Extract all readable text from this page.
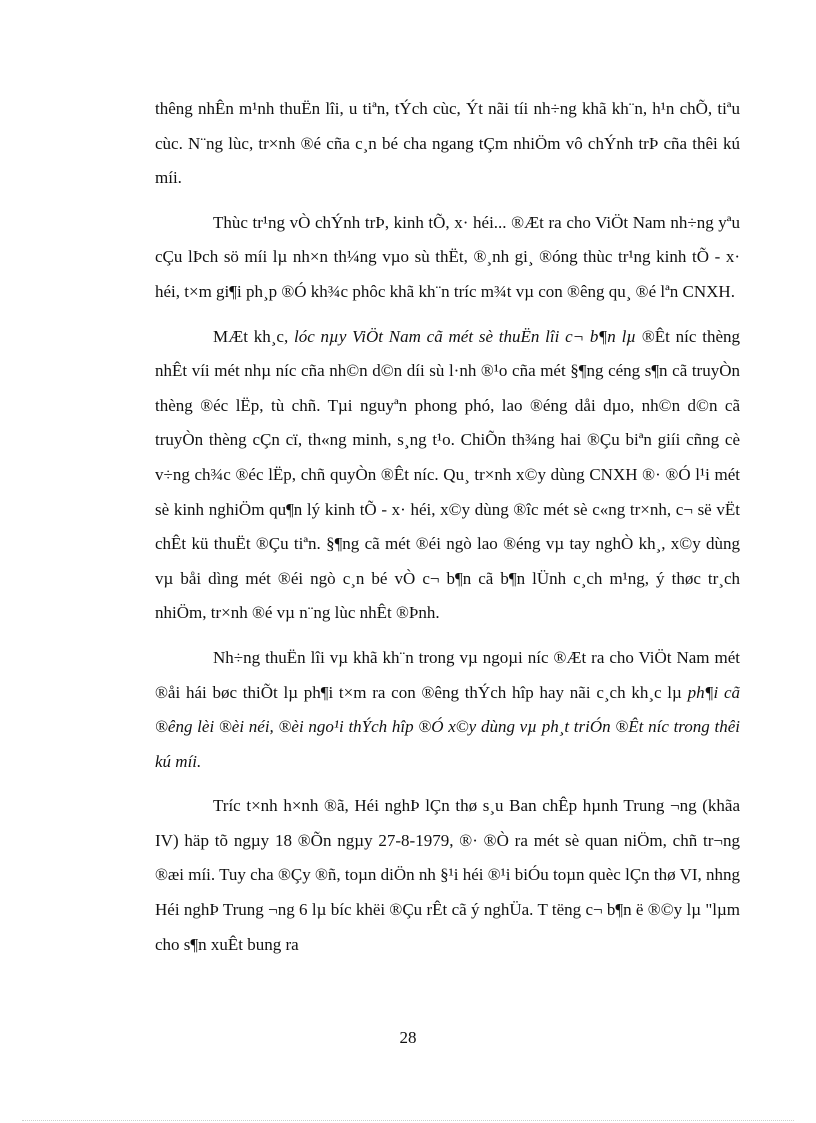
thêng nhÊn m¹nh thuËn lîi, u tiªn, tÝch cùc, Ýt nãi tíi nh÷ng khã kh¨n, h¹n chÕ, tiªu cùc. N¨ng lùc, tr×nh ®é cña c¸n bé cha ngang tÇm nhiÖm vô chÝnh trÞ cña thêi kú míi.

Thùc tr¹ng vÒ chÝnh trÞ, kinh tÕ, x· héi... ®Æt ra cho ViÖt Nam nh÷ng yªu cÇu lÞch sö míi lµ nh×n th¼ng vµo sù thËt, ®¸nh gi¸ ®óng thùc tr¹ng kinh tÕ - x· héi, t×m gi¶i ph¸p ®Ó kh¾c phôc khã kh¨n tríc m¾t vµ con ®êng qu¸ ®é lªn CNXH.

MÆt kh¸c, lóc nµy ViÖt Nam cã mét sè thuËn lîi c¬ b¶n lµ ®Êt níc thèng nhÊt víi mét nhµ níc cña nh©n d©n díi sù l·nh ®¹o cña mét §¶ng céng s¶n cã truyÒn thèng ®éc lËp, tù chñ. Tµi nguyªn phong phó, lao ®éng dåi dµo, nh©n d©n cã truyÒn thèng cÇn cï, th«ng minh, s¸ng t¹o. ChiÕn th¾ng hai ®Çu biªn giíi cñng cè v÷ng ch¾c ®éc lËp, chñ quyÒn ®Êt níc. Qu¸ tr×nh x©y dùng CNXH ®· ®Ó l¹i mét sè kinh nghiÖm qu¶n lý kinh tÕ - x· héi, x©y dùng ®îc mét sè c«ng tr×nh, c¬ së vËt chÊt kü thuËt ®Çu tiªn. §¶ng cã mét ®éi ngò lao ®éng vµ tay nghÒ kh¸, x©y dùng vµ båi dìng mét ®éi ngò c¸n bé vÒ c¬ b¶n cã b¶n lÜnh c¸ch m¹ng, ý thøc tr¸ch nhiÖm, tr×nh ®é vµ n¨ng lùc nhÊt ®Þnh.

Nh÷ng thuËn lîi vµ khã kh¨n trong vµ ngoµi níc ®Æt ra cho ViÖt Nam mét ®åi hái bøc thiÕt lµ ph¶i t×m ra con ®êng thÝch hîp hay nãi c¸ch kh¸c lµ ph¶i cã ®êng lèi ®èi néi, ®èi ngo¹i thÝch hîp ®Ó x©y dùng vµ ph¸t triÓn ®Êt níc trong thêi kú míi.

Tríc t×nh h×nh ®ã, Héi nghÞ lÇn thø s¸u Ban chÊp hµnh Trung ¬ng (khãa IV) häp tõ ngµy 18 ®Õn ngµy 27-8-1979, ®· ®Ò ra mét sè quan niÖm, chñ tr¬ng ®æi míi. Tuy cha ®Çy ®ñ, toµn diÖn nh §¹i héi ®¹i biÓu toµn quèc lÇn thø VI, nhng Héi nghÞ Trung ¬ng 6 lµ bíc khëi ®Çu rÊt cã ý nghÜa. T tëng c¬ b¶n ë ®©y lµ "lµm cho s¶n xuÊt bung ra

28
